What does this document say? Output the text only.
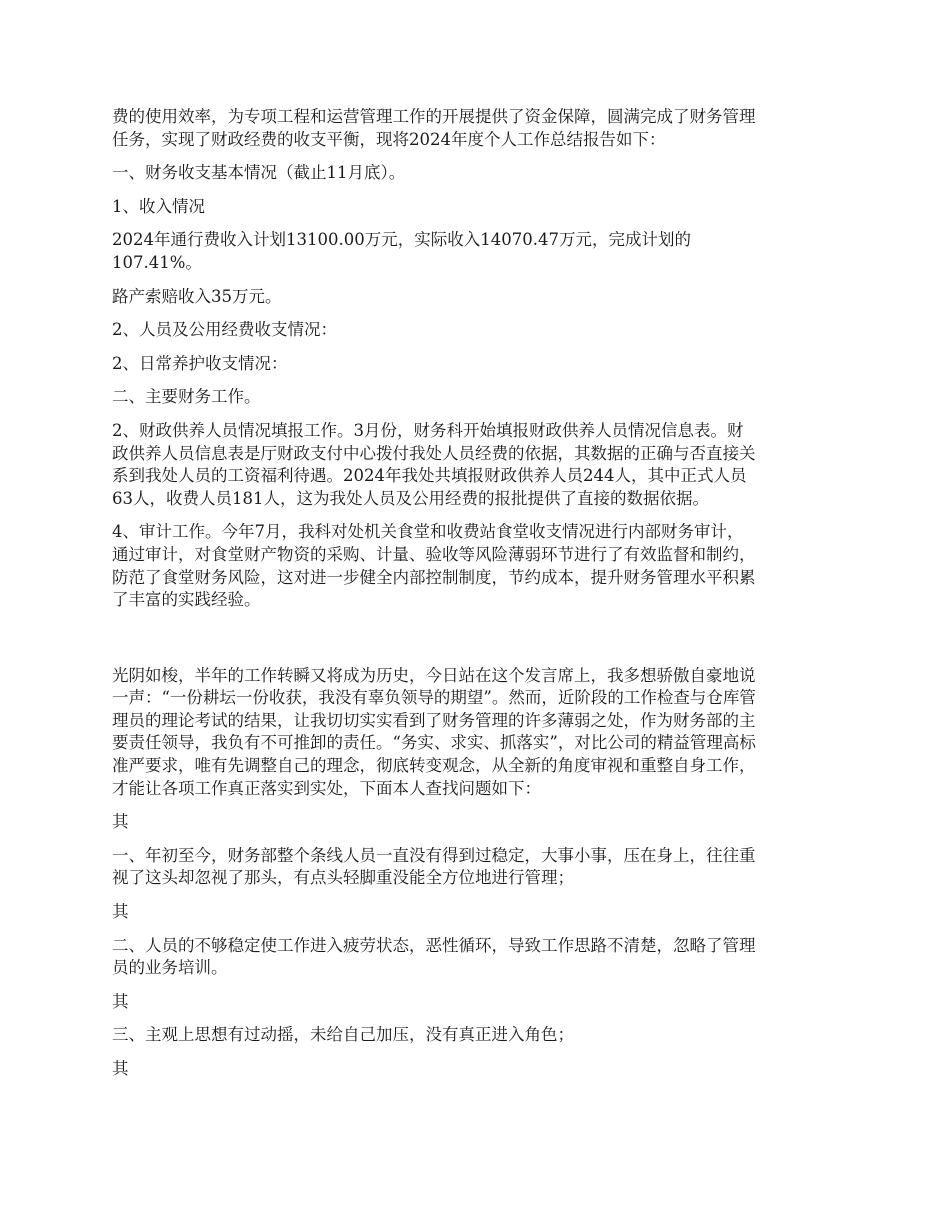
费的使用效率，为专项工程和运营管理工作的开展提供了资金保障，圆满完成了财务管理
任务，实现了财政经费的收支平衡，现将2024年度个人工作总结报告如下：

一、财务收支基本情况（截止11月底）。

1、收入情况

2024年通行费收入计划13100.00万元，实际收入14070.47万元，完成计划的
107.41%。

路产索赔收入35万元。

2、人员及公用经费收支情况：

2、日常养护收支情况：

二、主要财务工作。

2、财政供养人员情况填报工作。3月份，财务科开始填报财政供养人员情况信息表。财
政供养人员信息表是厅财政支付中心拨付我处人员经费的依据，其数据的正确与否直接关
系到我处人员的工资福利待遇。2024年我处共填报财政供养人员244人，其中正式人员
63人，收费人员181人，这为我处人员及公用经费的报批提供了直接的数据依据。

4、审计工作。今年7月，我科对处机关食堂和收费站食堂收支情况进行内部财务审计，
通过审计，对食堂财产物资的采购、计量、验收等风险薄弱环节进行了有效监督和制约，
防范了食堂财务风险，这对进一步健全内部控制制度，节约成本，提升财务管理水平积累
了丰富的实践经验。

光阴如梭，半年的工作转瞬又将成为历史，今日站在这个发言席上，我多想骄傲自豪地说
一声：“一份耕坛一份收获，我没有辜负领导的期望”。然而，近阶段的工作检查与仓库管
理员的理论考试的结果，让我切切实实看到了财务管理的许多薄弱之处，作为财务部的主
要责任领导，我负有不可推卸的责任。“务实、求实、抓落实”，对比公司的精益管理高标
准严要求，唯有先调整自己的理念，彻底转变观念，从全新的角度审视和重整自身工作，
才能让各项工作真正落实到实处，下面本人查找问题如下：

其

一、年初至今，财务部整个条线人员一直没有得到过稳定，大事小事，压在身上，往往重
视了这头却忽视了那头，有点头轻脚重没能全方位地进行管理；

其

二、人员的不够稳定使工作进入疲劳状态，恶性循环，导致工作思路不清楚，忽略了管理
员的业务培训。

其

三、主观上思想有过动摇，未给自己加压，没有真正进入角色；

其
